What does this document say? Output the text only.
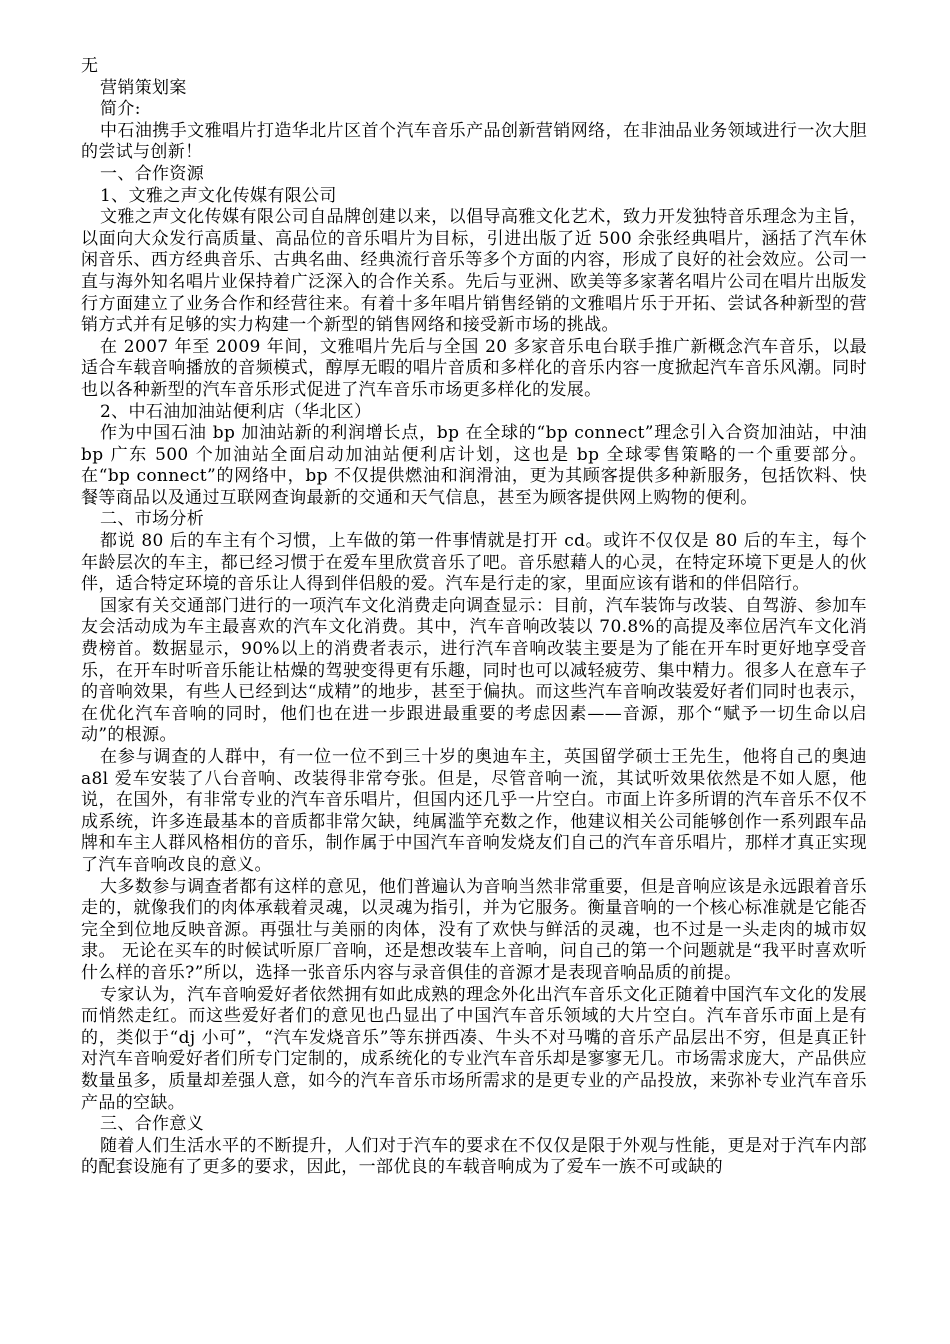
无

营销策划案

简介:

中石油携手文雅唱片打造华北片区首个汽车音乐产品创新营销网络，在非油品业务领域进行一次大胆的尝试与创新！

一、合作资源

1、文雅之声文化传媒有限公司

文雅之声文化传媒有限公司自品牌创建以来，以倡导高雅文化艺术，致力开发独特音乐理念为主旨，以面向大众发行高质量、高品位的音乐唱片为目标，引进出版了近 500 余张经典唱片，涵括了汽车休闲音乐、西方经典音乐、古典名曲、经典流行音乐等多个方面的内容，形成了良好的社会效应。公司一直与海外知名唱片业保持着广泛深入的合作关系。先后与亚洲、欧美等多家著名唱片公司在唱片出版发行方面建立了业务合作和经营往来。有着十多年唱片销售经销的文雅唱片乐于开拓、尝试各种新型的营销方式并有足够的实力构建一个新型的销售网络和接受新市场的挑战。

在 2007 年至 2009 年间，文雅唱片先后与全国 20 多家音乐电台联手推广新概念汽车音乐，以最适合车载音响播放的音频模式，醇厚无暇的唱片音质和多样化的音乐内容一度掀起汽车音乐风潮。同时也以各种新型的汽车音乐形式促进了汽车音乐市场更多样化的发展。

2、中石油加油站便利店（华北区）

作为中国石油 bp 加油站新的利润增长点，bp 在全球的“bp connect”理念引入合资加油站，中油 bp 广东 500 个加油站全面启动加油站便利店计划，这也是 bp 全球零售策略的一个重要部分。 在“bp connect”的网络中，bp 不仅提供燃油和润滑油，更为其顾客提供多种新服务，包括饮料、快餐等商品以及通过互联网查询最新的交通和天气信息，甚至为顾客提供网上购物的便利。

二、市场分析

都说 80 后的车主有个习惯，上车做的第一件事情就是打开 cd。或许不仅仅是 80 后的车主，每个年龄层次的车主，都已经习惯于在爱车里欣赏音乐了吧。音乐慰藉人的心灵，在特定环境下更是人的伙伴，适合特定环境的音乐让人得到伴侣般的爱。汽车是行走的家，里面应该有谐和的伴侣陪行。

国家有关交通部门进行的一项汽车文化消费走向调查显示：目前，汽车装饰与改装、自驾游、参加车友会活动成为车主最喜欢的汽车文化消费。其中，汽车音响改装以 70.8%的高提及率位居汽车文化消费榜首。数据显示，90%以上的消费者表示，进行汽车音响改装主要是为了能在开车时更好地享受音乐，在开车时听音乐能让枯燥的驾驶变得更有乐趣，同时也可以减轻疲劳、集中精力。很多人在意车子的音响效果，有些人已经到达“成精”的地步，甚至于偏执。而这些汽车音响改装爱好者们同时也表示，在优化汽车音响的同时，他们也在进一步跟进最重要的考虑因素——音源，那个“赋予一切生命以启动”的根源。

在参与调查的人群中，有一位一位不到三十岁的奥迪车主，英国留学硕士王先生，他将自己的奥迪 a8l 爱车安装了八台音响、改装得非常夸张。但是，尽管音响一流，其试听效果依然是不如人愿，他说，在国外，有非常专业的汽车音乐唱片，但国内还几乎一片空白。市面上许多所谓的汽车音乐不仅不成系统，许多连最基本的音质都非常欠缺，纯属滥竽充数之作，他建议相关公司能够创作一系列跟车品牌和车主人群风格相仿的音乐，制作属于中国汽车音响发烧友们自己的汽车音乐唱片，那样才真正实现了汽车音响改良的意义。

大多数参与调查者都有这样的意见，他们普遍认为音响当然非常重要，但是音响应该是永远跟着音乐走的，就像我们的肉体承载着灵魂，以灵魂为指引，并为它服务。衡量音响的一个核心标准就是它能否完全到位地反映音源。再强壮与美丽的肉体，没有了欢快与鲜活的灵魂，也不过是一头走肉的城市奴隶。 无论在买车的时候试听原厂音响，还是想改装车上音响，问自己的第一个问题就是“我平时喜欢听什么样的音乐?”所以，选择一张音乐内容与录音俱佳的音源才是表现音响品质的前提。

专家认为，汽车音响爱好者依然拥有如此成熟的理念外化出汽车音乐文化正随着中国汽车文化的发展而悄然走红。而这些爱好者们的意见也凸显出了中国汽车音乐领域的大片空白。汽车音乐市面上是有的，类似于“dj 小可”，“汽车发烧音乐”等东拼西凑、牛头不对马嘴的音乐产品层出不穷，但是真正针对汽车音响爱好者们所专门定制的，成系统化的专业汽车音乐却是寥寥无几。市场需求庞大，产品供应数量虽多，质量却差强人意，如今的汽车音乐市场所需求的是更专业的产品投放，来弥补专业汽车音乐产品的空缺。

三、合作意义

随着人们生活水平的不断提升，人们对于汽车的要求在不仅仅是限于外观与性能，更是对于汽车内部的配套设施有了更多的要求，因此，一部优良的车载音响成为了爱车一族不可或缺的
